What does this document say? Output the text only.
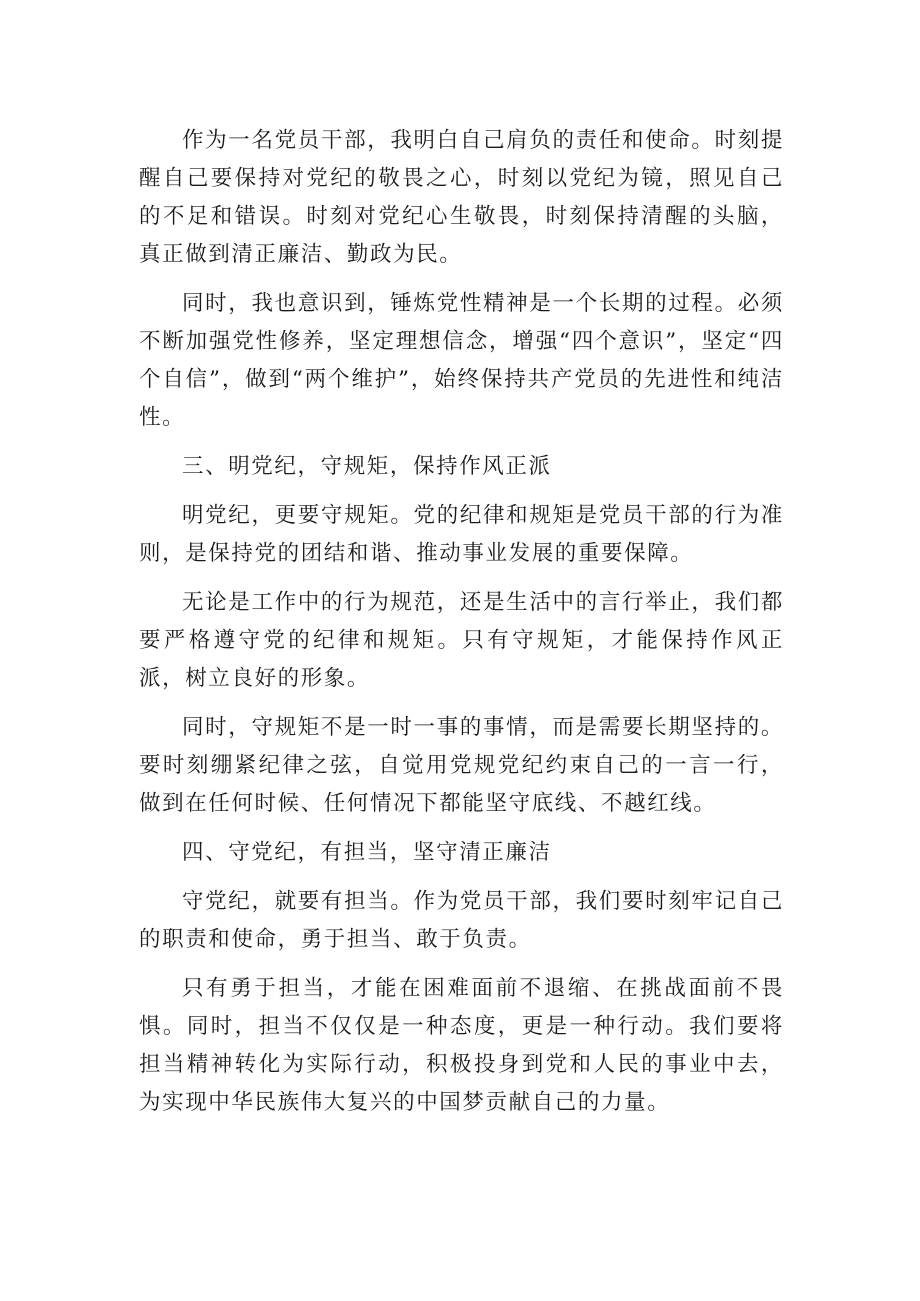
作为一名党员干部，我明白自己肩负的责任和使命。时刻提醒自己要保持对党纪的敬畏之心，时刻以党纪为镜，照见自己的不足和错误。时刻对党纪心生敬畏，时刻保持清醒的头脑，真正做到清正廉洁、勤政为民。

同时，我也意识到，锤炼党性精神是一个长期的过程。必须不断加强党性修养，坚定理想信念，增强“四个意识”，坚定“四个自信”，做到“两个维护”，始终保持共产党员的先进性和纯洁性。

三、明党纪，守规矩，保持作风正派

明党纪，更要守规矩。党的纪律和规矩是党员干部的行为准则，是保持党的团结和谐、推动事业发展的重要保障。

无论是工作中的行为规范，还是生活中的言行举止，我们都要严格遵守党的纪律和规矩。只有守规矩，才能保持作风正派，树立良好的形象。

同时，守规矩不是一时一事的事情，而是需要长期坚持的。要时刻绷紧纪律之弦，自觉用党规党纪约束自己的一言一行，做到在任何时候、任何情况下都能坚守底线、不越红线。

四、守党纪，有担当，坚守清正廉洁

守党纪，就要有担当。作为党员干部，我们要时刻牢记自己的职责和使命，勇于担当、敢于负责。

只有勇于担当，才能在困难面前不退缩、在挑战面前不畏惧。同时，担当不仅仅是一种态度，更是一种行动。我们要将担当精神转化为实际行动，积极投身到党和人民的事业中去，为实现中华民族伟大复兴的中国梦贡献自己的力量。
